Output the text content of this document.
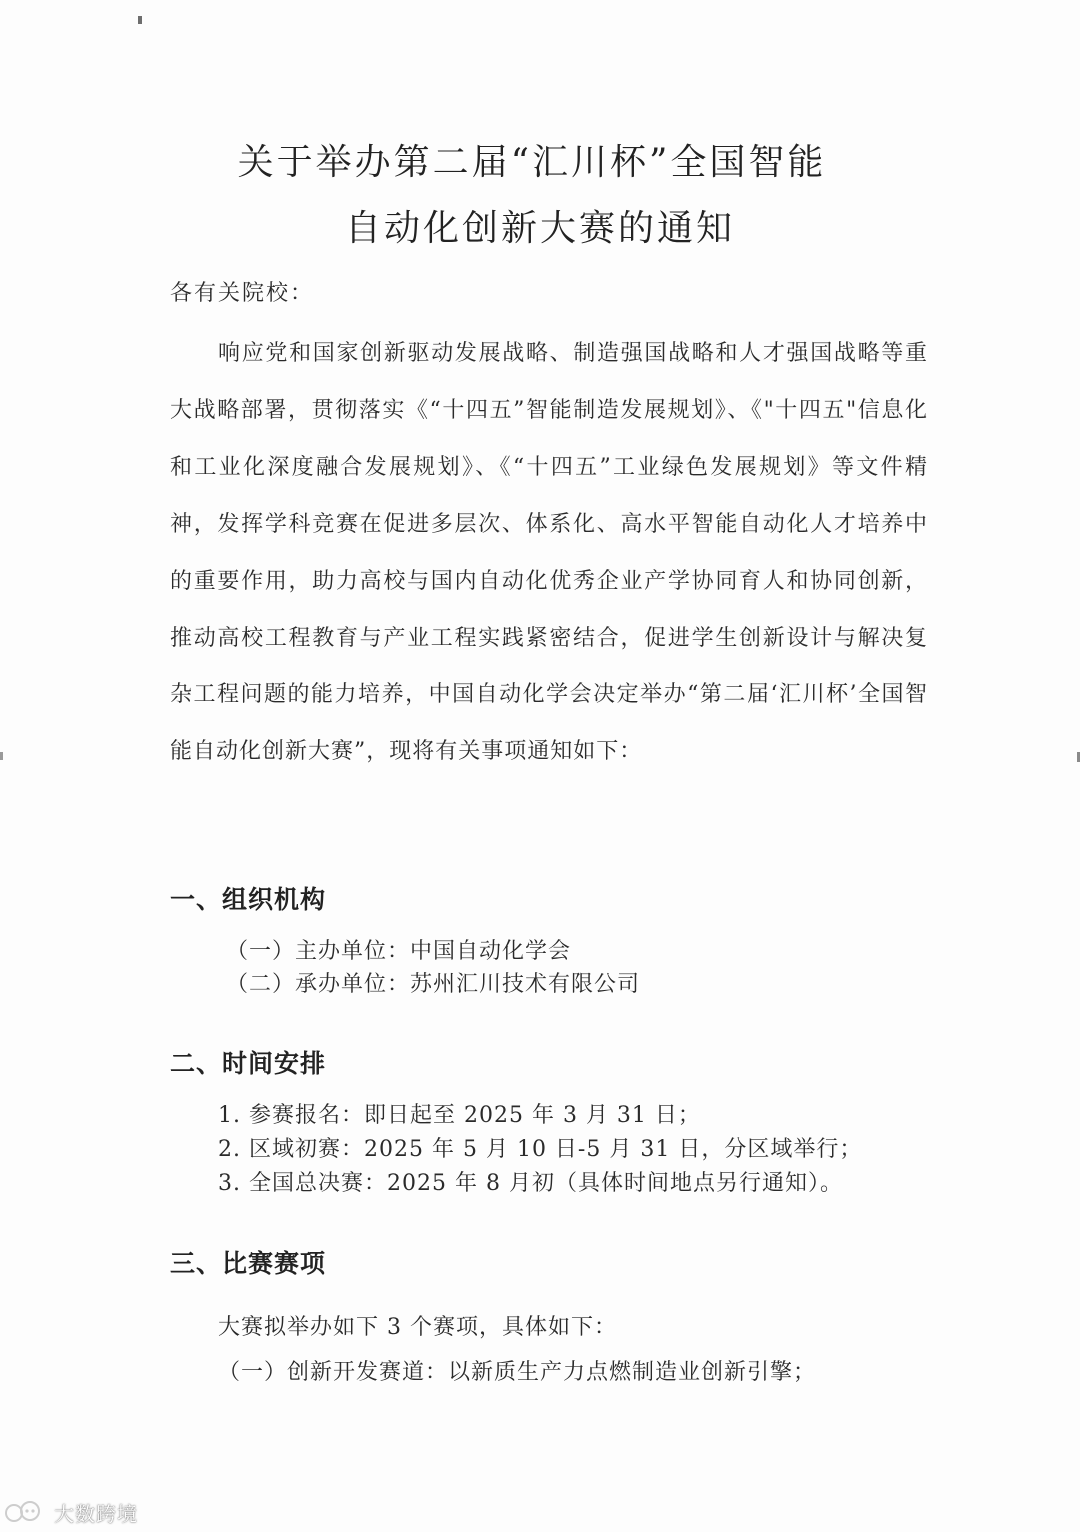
关于举办第二届“汇川杯”全国智能
自动化创新大赛的通知
各有关院校：

响应党和国家创新驱动发展战略、制造强国战略和人才强国战略等重大战略部署，贯彻落实《“十四五”智能制造发展规划》、《"十四五"信息化和工业化深度融合发展规划》、《“十四五”工业绿色发展规划》等文件精神，发挥学科竞赛在促进多层次、体系化、高水平智能自动化人才培养中的重要作用，助力高校与国内自动化优秀企业产学协同育人和协同创新，推动高校工程教育与产业工程实践紧密结合，促进学生创新设计与解决复杂工程问题的能力培养，中国自动化学会决定举办“第二届‘汇川杯’全国智能自动化创新大赛”，现将有关事项通知如下：

一、组织机构

（一）主办单位：中国自动化学会

（二）承办单位：苏州汇川技术有限公司

二、时间安排

1. 参赛报名：即日起至 2025 年 3 月 31 日；

2. 区域初赛：2025 年 5 月 10 日-5 月 31 日，分区域举行；

3. 全国总决赛：2025 年 8 月初（具体时间地点另行通知）。

三、比赛赛项

大赛拟举办如下 3 个赛项，具体如下：

（一）创新开发赛道：以新质生产力点燃制造业创新引擎；

大数跨境
